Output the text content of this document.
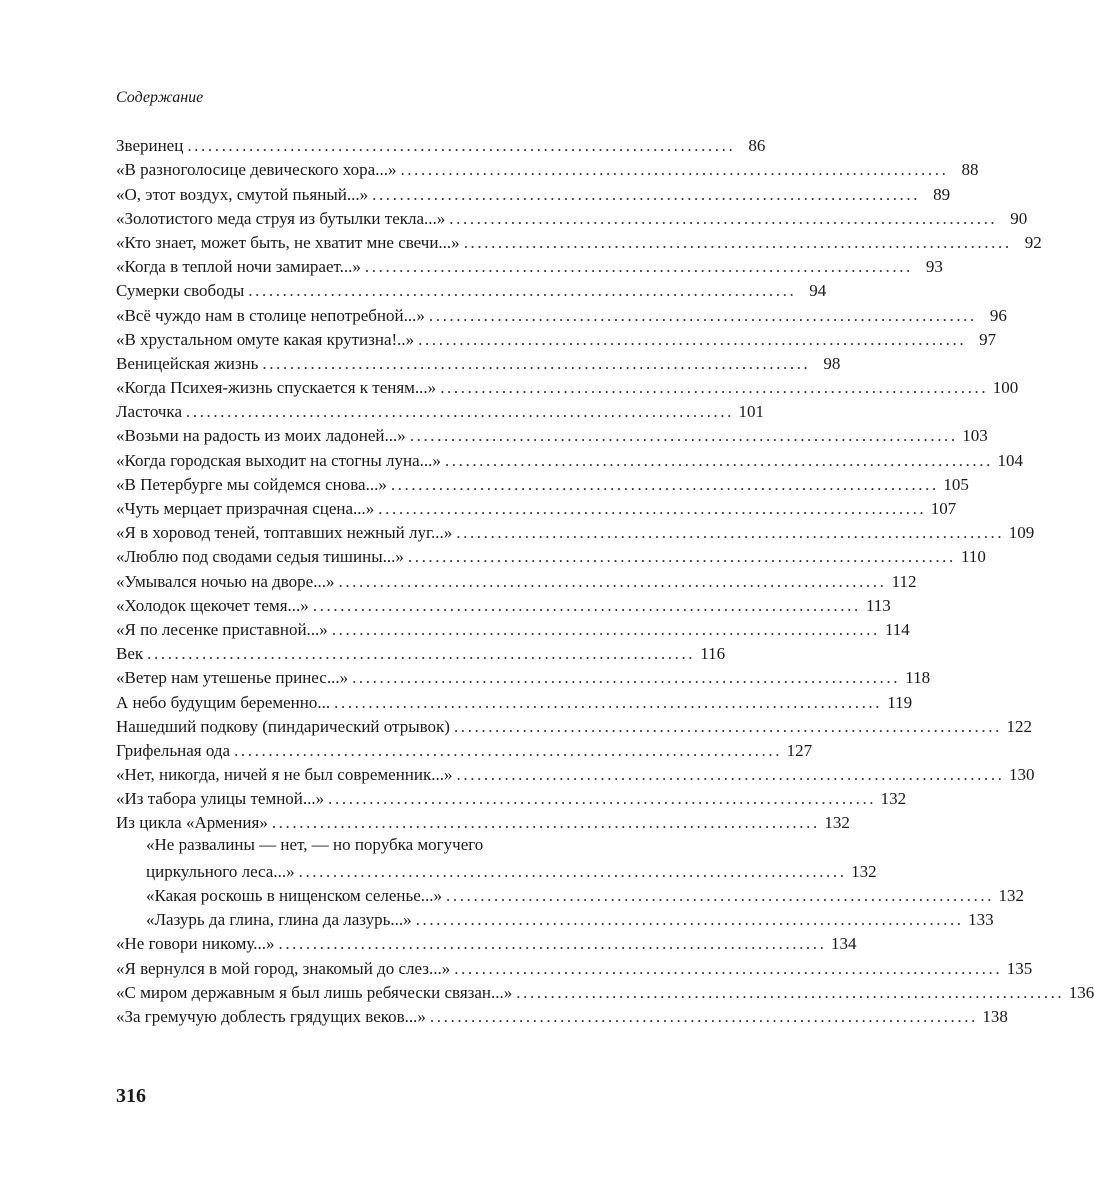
Содержание
Зверинец ................................................................................ 86
«В разноголосице девического хора...» ................................................................................ 88
«О, этот воздух, смутой пьяный...» ................................................................................ 89
«Золотистого меда струя из бутылки текла...» ................................................................................ 90
«Кто знает, может быть, не хватит мне свечи...» ................................................................................ 92
«Когда в теплой ночи замирает...» ................................................................................ 93
Сумерки свободы ................................................................................ 94
«Всё чуждо нам в столице непотребной...» ................................................................................ 96
«В хрустальном омуте какая крутизна!..» ................................................................................ 97
Веницейская жизнь ................................................................................ 98
«Когда Психея-жизнь спускается к теням...» ................................................................................ 100
Ласточка ................................................................................ 101
«Возьми на радость из моих ладоней...» ................................................................................ 103
«Когда городская выходит на стогны луна...» ................................................................................ 104
«В Петербурге мы сойдемся снова...» ................................................................................ 105
«Чуть мерцает призрачная сцена...» ................................................................................ 107
«Я в хоровод теней, топтавших нежный луг...» ................................................................................ 109
«Люблю под сводами седыя тишины...» ................................................................................ 110
«Умывался ночью на дворе...» ................................................................................ 112
«Холодок щекочет темя...» ................................................................................ 113
«Я по лесенке приставной...» ................................................................................ 114
Век ................................................................................ 116
«Ветер нам утешенье принес...» ................................................................................ 118
А небо будущим беременно... ................................................................................ 119
Нашедший подкову (пиндарический отрывок) ................................................................................ 122
Грифельная ода ................................................................................ 127
«Нет, никогда, ничей я не был современник...» ................................................................................ 130
«Из табора улицы темной...» ................................................................................ 132
Из цикла «Армения» ................................................................................ 132
«Не развалины — нет, — но порубка могучего
циркульного леса...» ................................................................................ 132
«Какая роскошь в нищенском селенье...» ................................................................................ 132
«Лазурь да глина, глина да лазурь...» ................................................................................ 133
«Не говори никому...» ................................................................................ 134
«Я вернулся в мой город, знакомый до слез...» ................................................................................ 135
«С миром державным я был лишь ребячески связан...» ................................................................................ 136
«За гремучую доблесть грядущих веков...» ................................................................................ 138
316
